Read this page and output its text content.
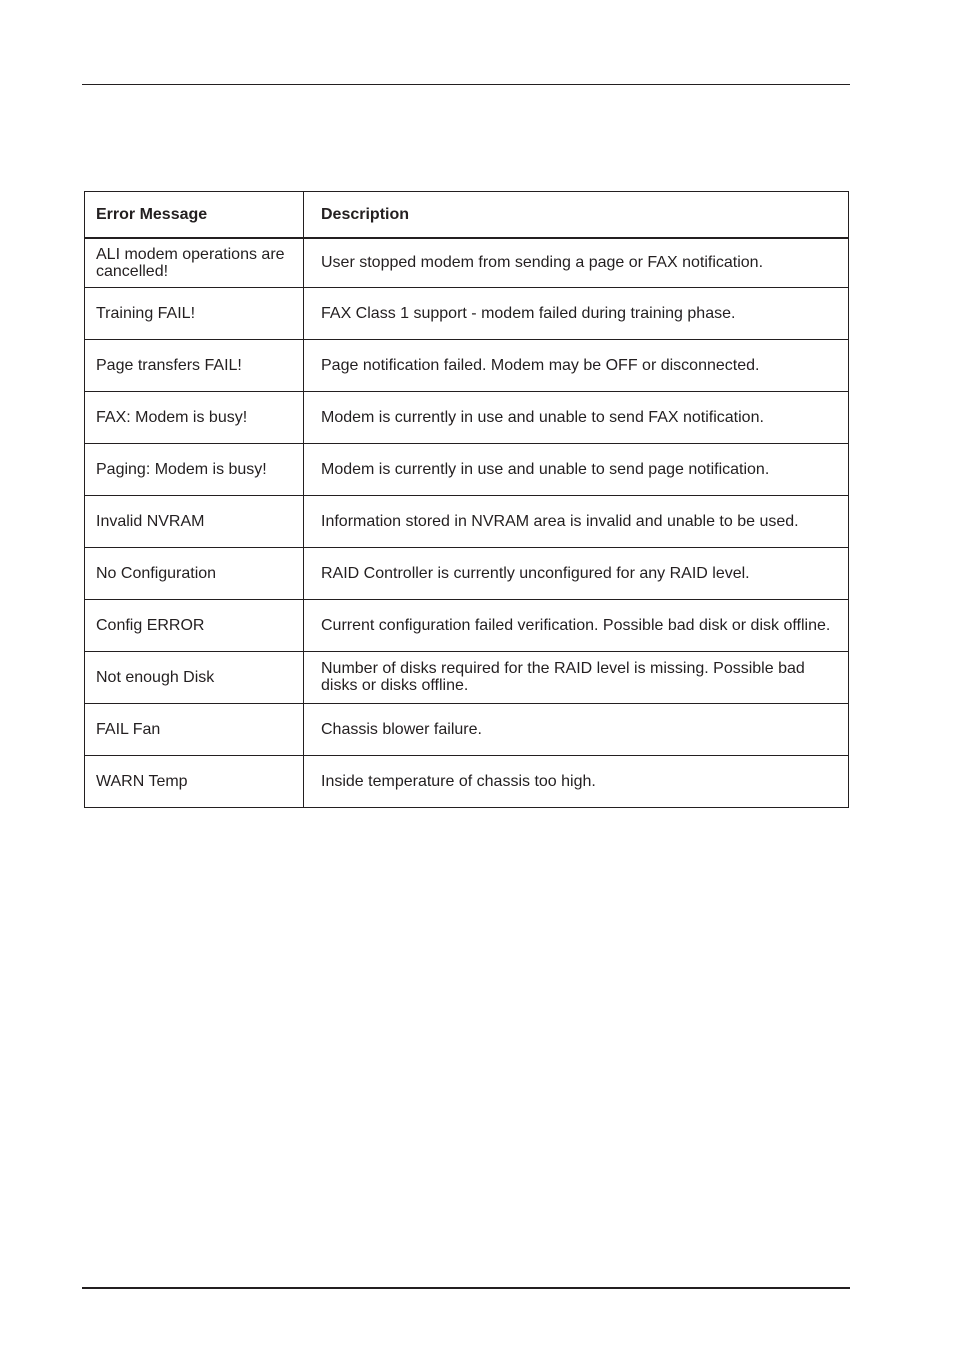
Error Message	Description
ALI modem operations are cancelled!	User stopped modem from sending a page or FAX notification.
Training FAIL!	FAX Class 1 support - modem failed during training phase.
Page transfers FAIL!	Page notification failed. Modem may be OFF or disconnected.
FAX: Modem is busy!	Modem is currently in use and unable to send FAX notification.
Paging: Modem is busy!	Modem is currently in use and unable to send page notification.
Invalid NVRAM	Information stored in NVRAM area is invalid and unable to be used.
No Configuration	RAID Controller is currently unconfigured for any RAID level.
Config ERROR	Current configuration failed verification. Possible bad disk or disk offline.
Not enough Disk	Number of disks required for the RAID level is missing. Possible bad disks or disks offline.
FAIL Fan	Chassis blower failure.
WARN Temp	Inside temperature of chassis too high.
